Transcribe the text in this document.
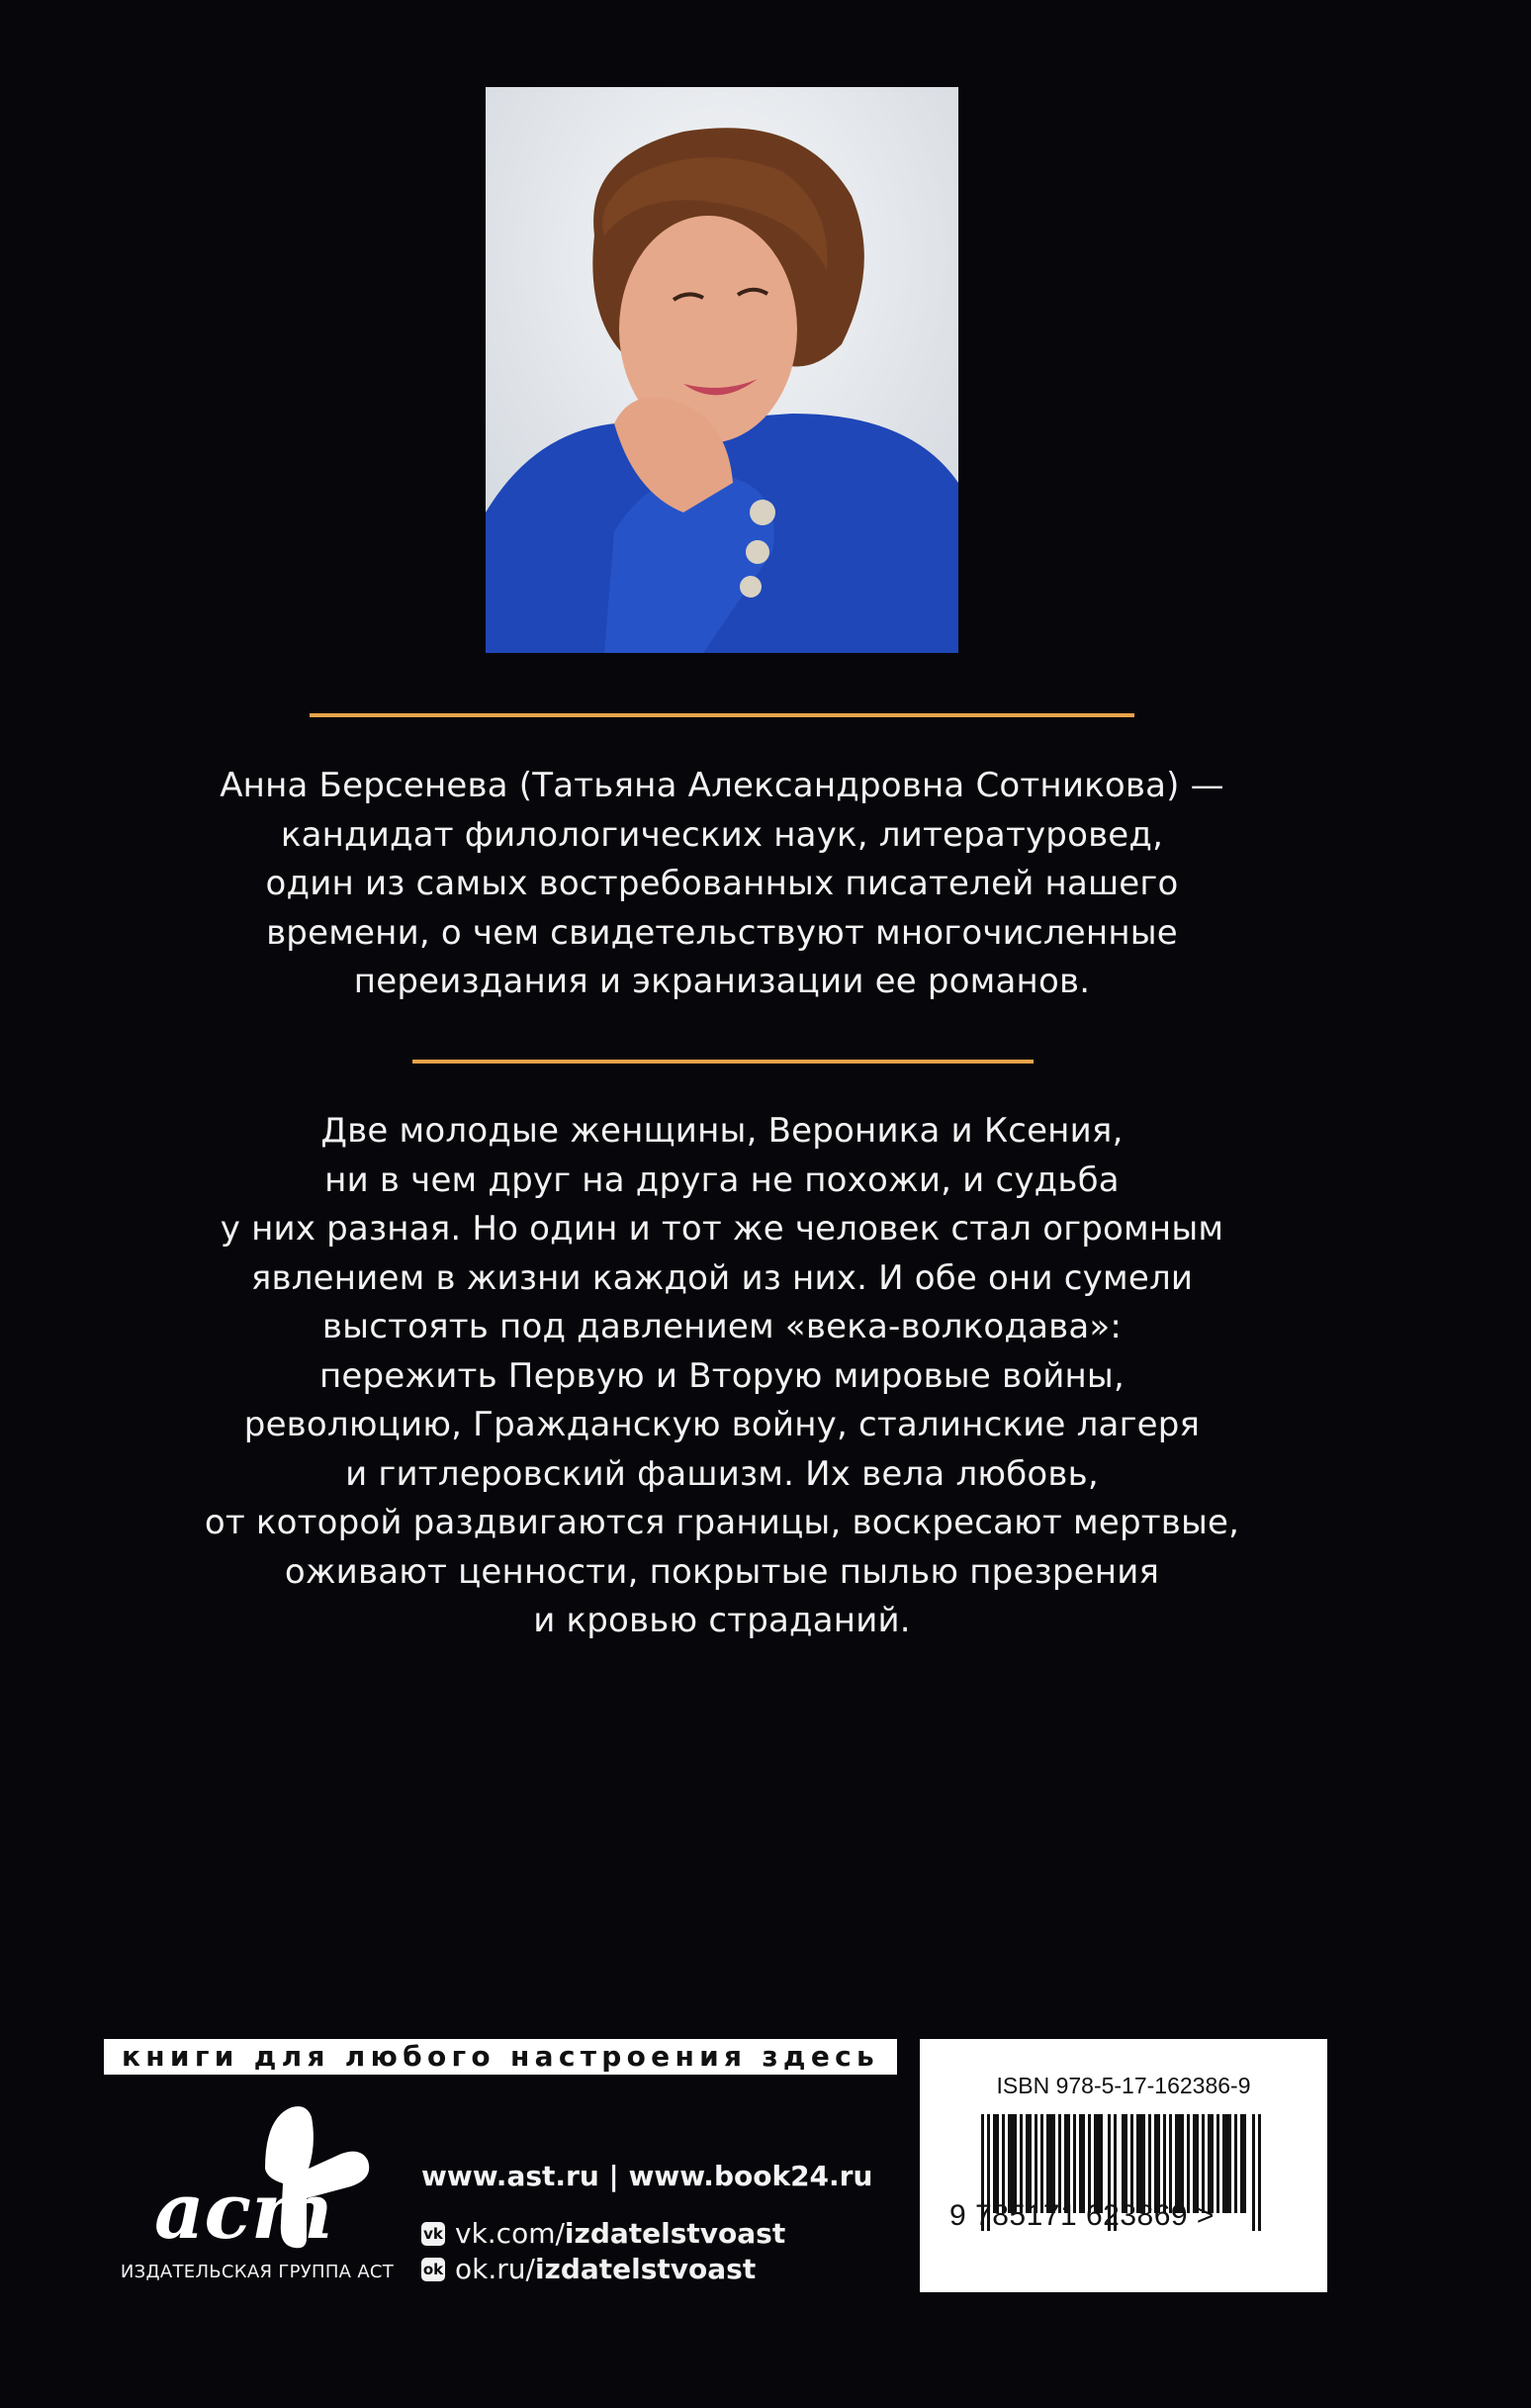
Анна Берсенева (Татьяна Александровна Сотникова) —

кандидат филологических наук, литературовед,

один из самых востребованных писателей нашего

времени, о чем свидетельствуют многочисленные

переиздания и экранизации ее романов.

Две молодые женщины, Вероника и Ксения,

ни в чем друг на друга не похожи, и судьба

у них разная. Но один и тот же человек стал огромным

явлением в жизни каждой из них. И обе они сумели

выстоять под давлением «века-волкодава»:

пережить Первую и Вторую мировые войны,

революцию, Гражданскую войну, сталинские лагеря

и гитлеровский фашизм. Их вела любовь,

от которой раздвигаются границы, воскресают мертвые,

оживают ценности, покрытые пылью презрения

и кровью страданий.

книги для любого настроения здесь
аст
ИЗДАТЕЛЬСКАЯ ГРУППА АСТ
www.ast.ru | www.book24.ru
vk vk.com/ izdatelstvoast
ok ok.ru/ izdatelstvoast
ISBN 978-5-17-162386-9
9 785171 623869 >
